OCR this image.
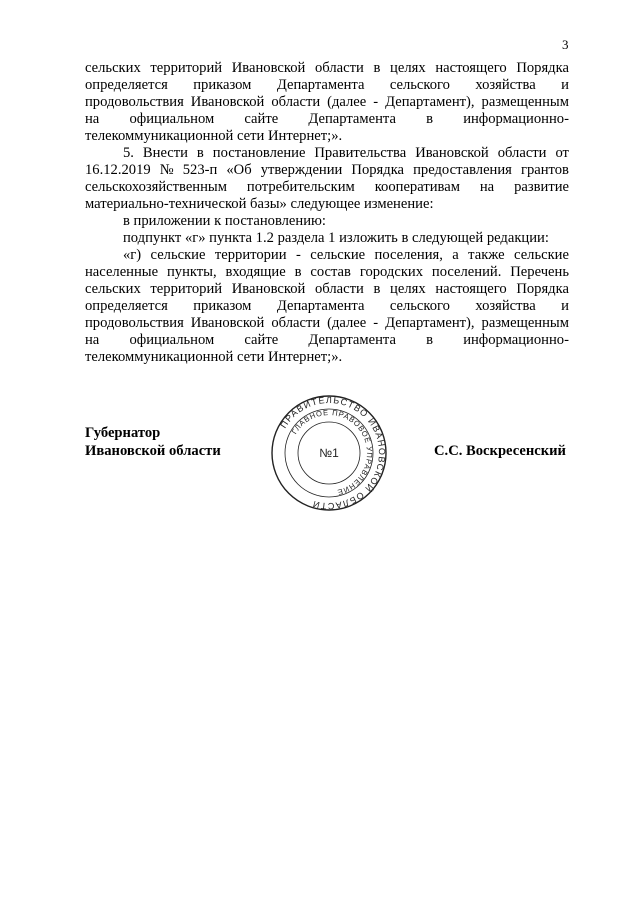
3
сельских территорий Ивановской области в целях настоящего Порядка
определяется приказом Департамента сельского хозяйства и
продовольствия Ивановской области (далее - Департамент), размещенным
на официальном сайте Департамента в информационно-
телекоммуникационной сети Интернет;».
5. Внести в постановление Правительства Ивановской области от
16.12.2019 № 523-п «Об утверждении Порядка предоставления грантов
сельскохозяйственным потребительским кооперативам на развитие
материально-технической базы» следующее изменение:
в приложении к постановлению:
подпункт «г» пункта 1.2 раздела 1 изложить в следующей редакции:
«г) сельские территории - сельские поселения, а также сельские
населенные пункты, входящие в состав городских поселений. Перечень
сельских территорий Ивановской области в целях настоящего Порядка
определяется приказом Департамента сельского хозяйства и
продовольствия Ивановской области (далее - Департамент), размещенным
на официальном сайте Департамента в информационно-
телекоммуникационной сети Интернет;».
Губернатор
Ивановской области
ПРАВИТЕЛЬСТВО ИВАНОВСКОЙ ОБЛАСТИ
ГЛАВНОЕ ПРАВОВОЕ УПРАВЛЕНИЕ
№1	С.С. Воскресенский
